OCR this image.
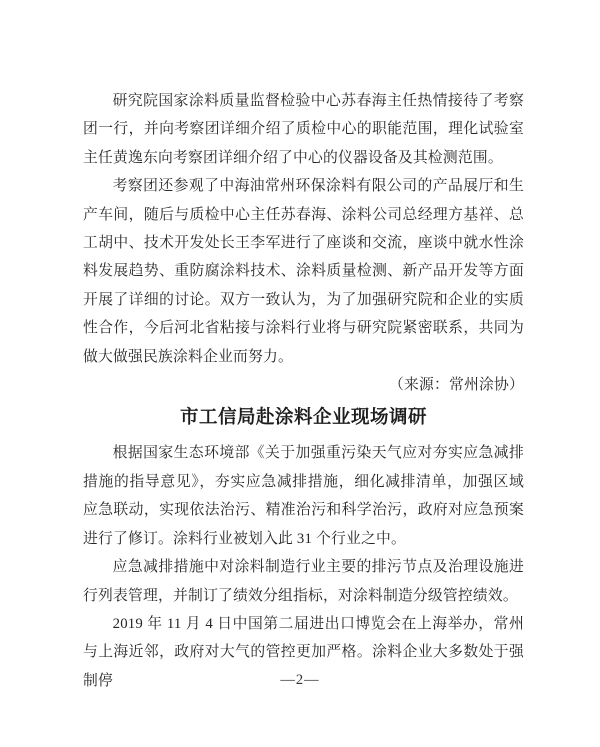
研究院国家涂料质量监督检验中心苏春海主任热情接待了考察团一行，并向考察团详细介绍了质检中心的职能范围，理化试验室主任黄逸东向考察团详细介绍了中心的仪器设备及其检测范围。

考察团还参观了中海油常州环保涂料有限公司的产品展厅和生产车间，随后与质检中心主任苏春海、涂料公司总经理方基祥、总工胡中、技术开发处长王李军进行了座谈和交流，座谈中就水性涂料发展趋势、重防腐涂料技术、涂料质量检测、新产品开发等方面开展了详细的讨论。双方一致认为，为了加强研究院和企业的实质性合作，今后河北省粘接与涂料行业将与研究院紧密联系，共同为做大做强民族涂料企业而努力。

（来源：常州涂协）

市工信局赴涂料企业现场调研

根据国家生态环境部《关于加强重污染天气应对夯实应急减排措施的指导意见》，夯实应急减排措施，细化减排清单，加强区域应急联动，实现依法治污、精准治污和科学治污，政府对应急预案进行了修订。涂料行业被划入此 31 个行业之中。

应急减排措施中对涂料制造行业主要的排污节点及治理设施进行列表管理，并制订了绩效分组指标，对涂料制造分级管控绩效。

2019 年 11 月 4 日中国第二届进出口博览会在上海举办，常州与上海近邻，政府对大气的管控更加严格。涂料企业大多数处于强制停	—2—
